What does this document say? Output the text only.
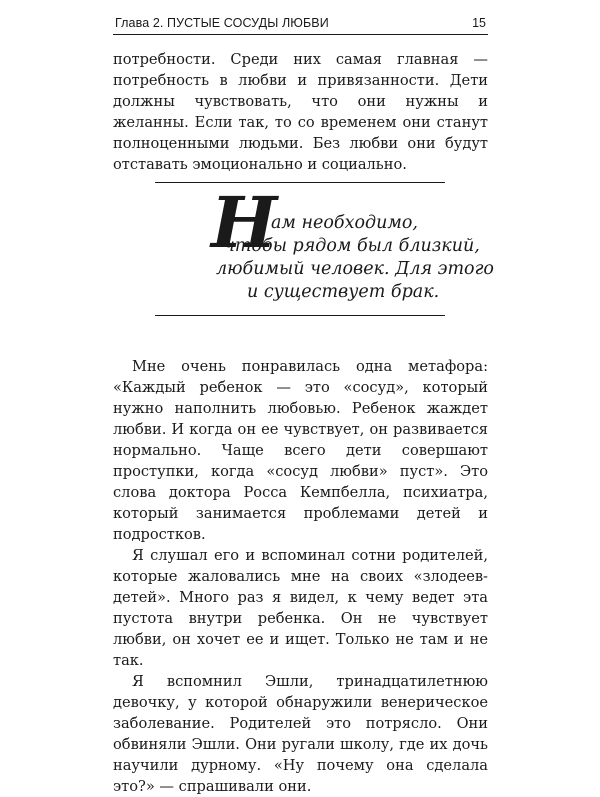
Глава 2. ПУСТЫЕ СОСУДЫ ЛЮБВИ	15

потребности. Среди них самая главная — потребность в любви и привязанности. Дети должны чувствовать, что они нужны и желанны. Если так, то со временем они станут полноценными людьми. Без любви они будут отставать эмоционально и социально.

Н
ам необходимо,
чтобы рядом был близкий,
любимый человек. Для этого
и существует брак.

Мне очень понравилась одна метафора: «Каждый ребенок — это «сосуд», который нужно наполнить любовью. Ребенок жаждет любви. И когда он ее чувствует, он развивается нормально. Чаще всего дети совершают проступки, когда «сосуд любви» пуст». Это слова доктора Росса Кемпбелла, психиатра, который занимается проблемами детей и подростков.

Я слушал его и вспоминал сотни родителей, которые жаловались мне на своих «злодеев-детей». Много раз я видел, к чему ведет эта пустота внутри ребенка. Он не чувствует любви, он хочет ее и ищет. Только не там и не так.

Я вспомнил Эшли, тринадцатилетнюю девочку, у которой обнаружили венерическое заболевание. Родителей это потрясло. Они обвиняли Эшли. Они ругали школу, где их дочь научили дурному. «Ну почему она сделала это?» — спрашивали они.
